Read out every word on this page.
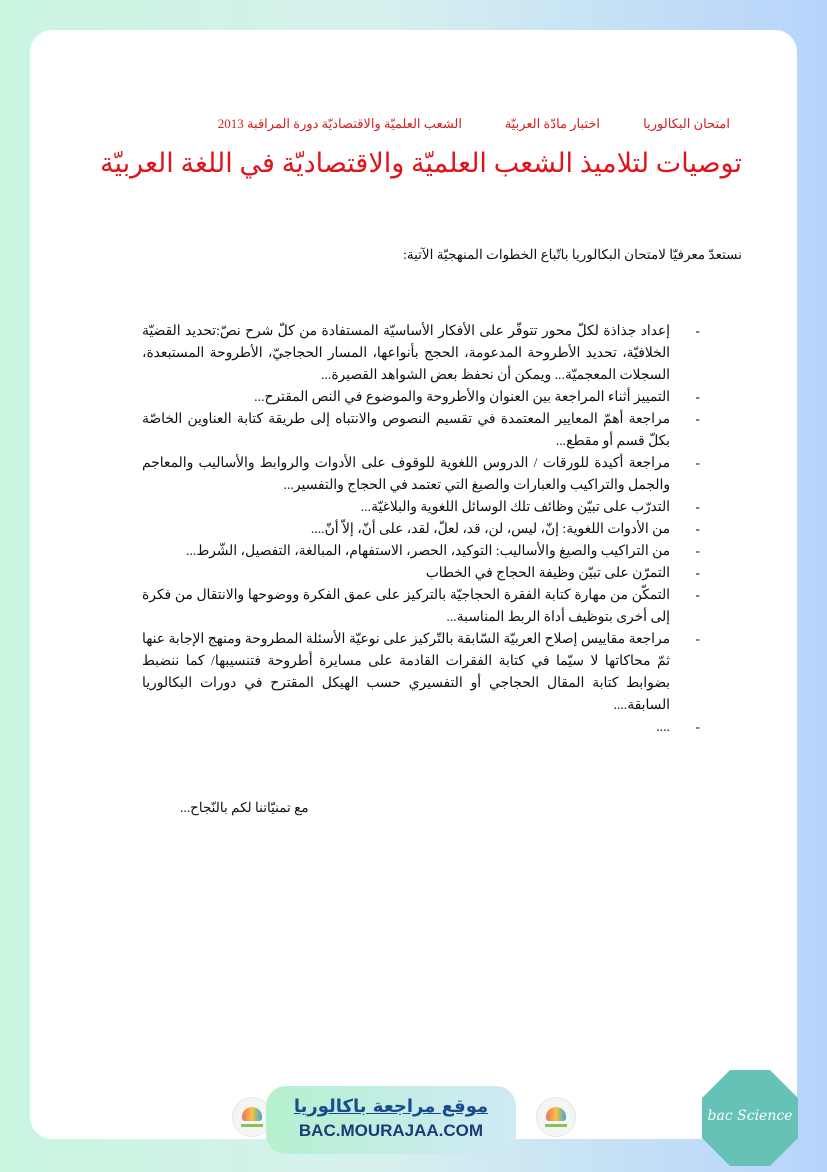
امتحان البكالوريا
اختبار مادّة العربيّة
الشعب العلميّة والاقتصاديّة دورة المراقبة 2013
توصيات لتلاميذ الشعب العلميّة والاقتصاديّة في اللغة العربيّة
نستعدّ معرفيّا لامتحان البكالوريا باتّباع الخطوات المنهجيّة الآتية:
- إعداد جذاذة لكلّ محور تتوفّر على الأفكار الأساسيّة المستفادة من كلّ شرح نصّ:تحديد القضيّة الخلافيّة، تحديد الأطروحة المدعومة، الحجج بأنواعها، المسار الحجاجيّ، الأطروحة المستبعدة، السجلات المعجميّة... ويمكن أن نحفظ بعض الشواهد القصيرة...
- التمييز أثناء المراجعة بين العنوان والأطروحة والموضوع في النص المقترح...
- مراجعة أهمّ المعايير المعتمدة في تقسيم النصوص والانتباه إلى طريقة كتابة العناوين الخاصّة بكلّ قسم أو مقطع...
- مراجعة أكيدة للورقات / الدروس اللغوية للوقوف على الأدوات والروابط والأساليب والمعاجم والجمل والتراكيب والعبارات والصيغ التي تعتمد في الحجاج والتفسير...
- التدرّب على تبيّن وظائف تلك الوسائل اللغوية والبلاغيّة...
- من الأدوات اللغوية: إنّ، ليس، لن، قد، لعلّ، لقد، على أنّ، إلاّ أنّ....
- من التراكيب والصيغ والأساليب: التوكيد، الحصر، الاستفهام، المبالغة، التفصيل، الشّرط...
- التمرّن على تبيّن وظيفة الحجاج في الخطاب
- التمكّن من مهارة كتابة الفقرة الحجاجيّة بالتركيز على عمق الفكرة ووضوحها والانتقال من فكرة إلى أخرى بتوظيف أداة الربط المناسبة...
- مراجعة مقاييس إصلاح العربيّة السّابقة بالتّركيز على نوعيّة الأسئلة المطروحة ومنهج الإجابة عنها ثمّ محاكاتها لا سيّما في كتابة الفقرات القادمة على مسايرة أطروحة فتنسيبها/ كما ننضبط بضوابط كتابة المقال الحجاجي أو التفسيري حسب الهيكل المقترح في دورات البكالوريا السابقة....
- ....
مع تمنيّاتنا لكم بالنّجاح...
موقع مراجعة باكالوريا
BAC.MOURAJAA.COM
bac Science
